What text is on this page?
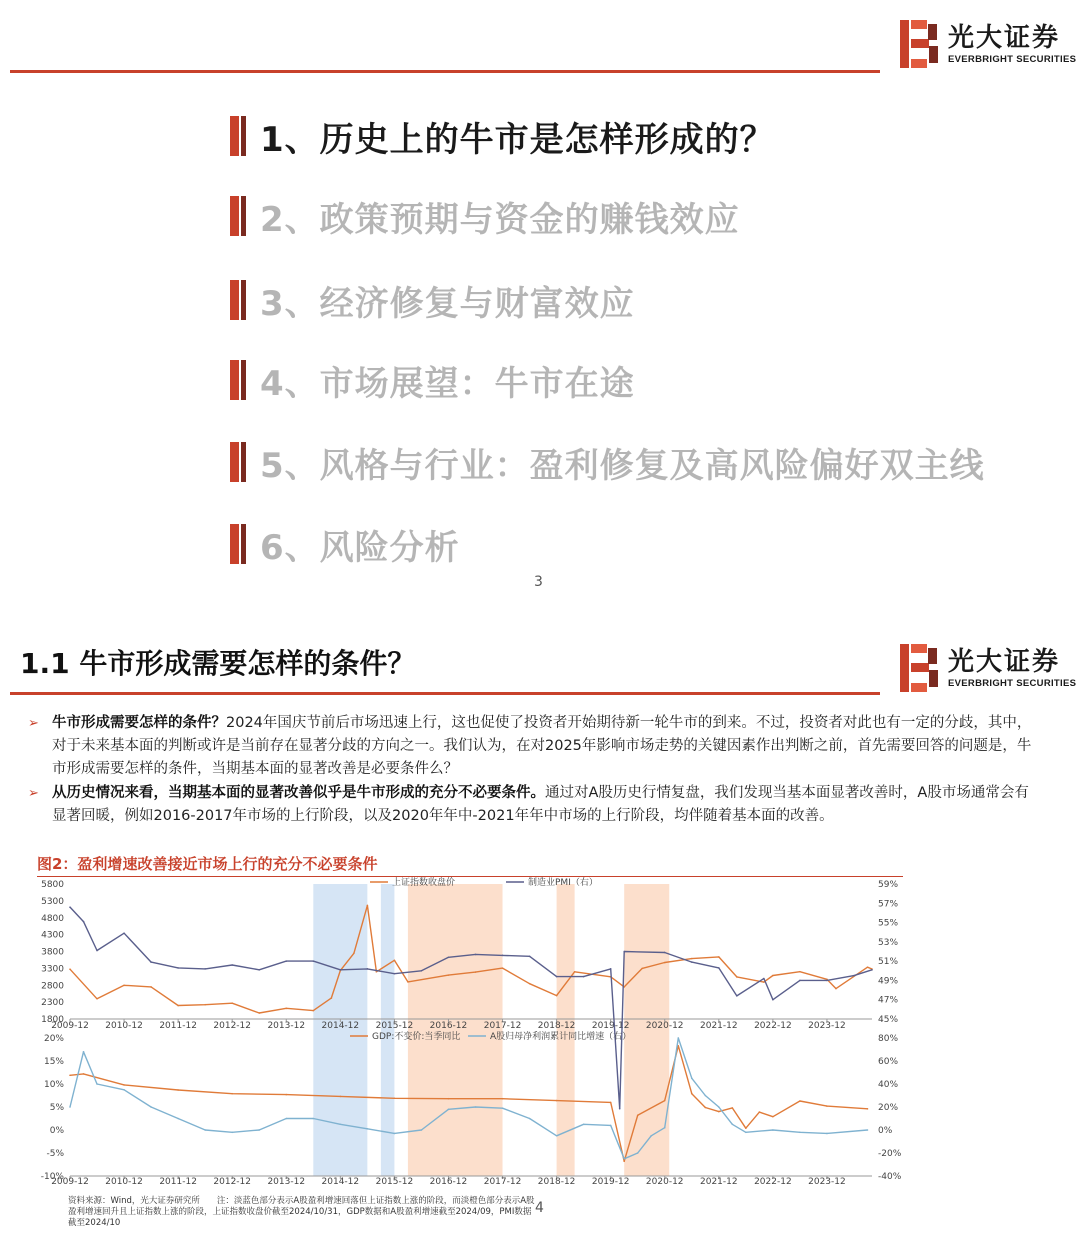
光大证券
EVERBRIGHT SECURITIES
1、历史上的牛市是怎样形成的？
2、政策预期与资金的赚钱效应
3、经济修复与财富效应
4、市场展望：牛市在途
5、风格与行业：盈利修复及高风险偏好双主线
6、风险分析
3
1.1 牛市形成需要怎样的条件？	光大证券
EVERBRIGHT SECURITIES
➢ 牛市形成需要怎样的条件？2024年国庆节前后市场迅速上行，这也促使了投资者开始期待新一轮牛市的到来。不过，投资者对此也有一定的分歧，其中，对于未来基本面的判断或许是当前存在显著分歧的方向之一。我们认为，在对2025年影响市场走势的关键因素作出判断之前，首先需要回答的问题是，牛市形成需要怎样的条件，当期基本面的显著改善是必要条件么？
➢ 从历史情况来看，当期基本面的显著改善似乎是牛市形成的充分不必要条件。通过对A股历史行情复盘，我们发现当基本面显著改善时，A股市场通常会有显著回暖，例如2016-2017年市场的上行阶段，以及2020年年中-2021年年中市场的上行阶段，均伴随着基本面的改善。
图2：盈利增速改善接近市场上行的充分不必要条件
5800
5300
4800
4300
3800
3300
2800
2300
1800
59%
57%
55%
53%
51%
49%
47%
45%
2009-12 2010-12 2011-12 2012-12 2013-12 2014-12 2015-12 2016-12 2017-12 2018-12 2019-12 2020-12 2021-12 2022-12 2023-12
上证指数收盘价	制造业PMI（右）
20%
15%
10%
5%
0%
-5%
-10%
80%
60%
40%
20%
0%
-20%
-40%
2009-12 2010-12 2011-12 2012-12 2013-12 2014-12 2015-12 2016-12 2017-12 2018-12 2019-12 2020-12 2021-12 2022-12 2023-12
GDP:不变价:当季同比	A股归母净利润累计同比增速（右）
资料来源：Wind，光大证券研究所　　 注：淡蓝色部分表示A股盈利增速回落但上证指数上涨的阶段，而淡橙色部分表示A股盈利增速回升且上证指数上涨的阶段，上证指数收盘价截至2024/10/31，GDP数据和A股盈利增速截至2024/09，PMI数据截至2024/10
4
